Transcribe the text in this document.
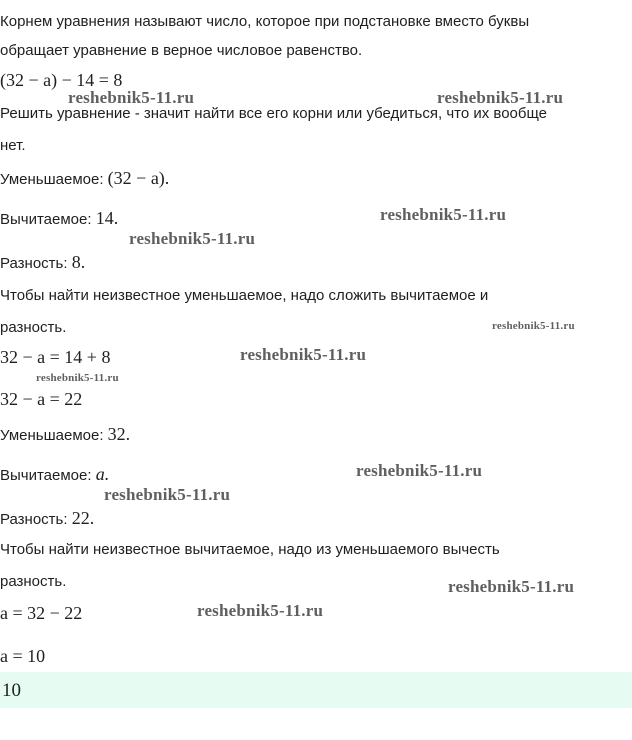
Корнем уравнения называют число, которое при подстановке вместо буквы
обращает уравнение в верное числовое равенство.
(32 − a) − 14 = 8
Решить уравнение - значит найти все его корни или убедиться, что их вообще
нет.
Уменьшаемое: (32 − a).
Вычитаемое: 14.
Разность: 8.
Чтобы найти неизвестное уменьшаемое, надо сложить вычитаемое и
разность.
32 − a = 14 + 8
32 − a = 22
Уменьшаемое: 32.
Вычитаемое: a.
Разность: 22.
Чтобы найти неизвестное вычитаемое, надо из уменьшаемого вычесть
разность.
a = 32 − 22
a = 10
10
reshebnik5-11.ru	reshebnik5-11.ru
reshebnik5-11.ru
reshebnik5-11.ru
reshebnik5-11.ru
reshebnik5-11.ru
reshebnik5-11.ru
reshebnik5-11.ru
reshebnik5-11.ru
reshebnik5-11.ru
reshebnik5-11.ru
